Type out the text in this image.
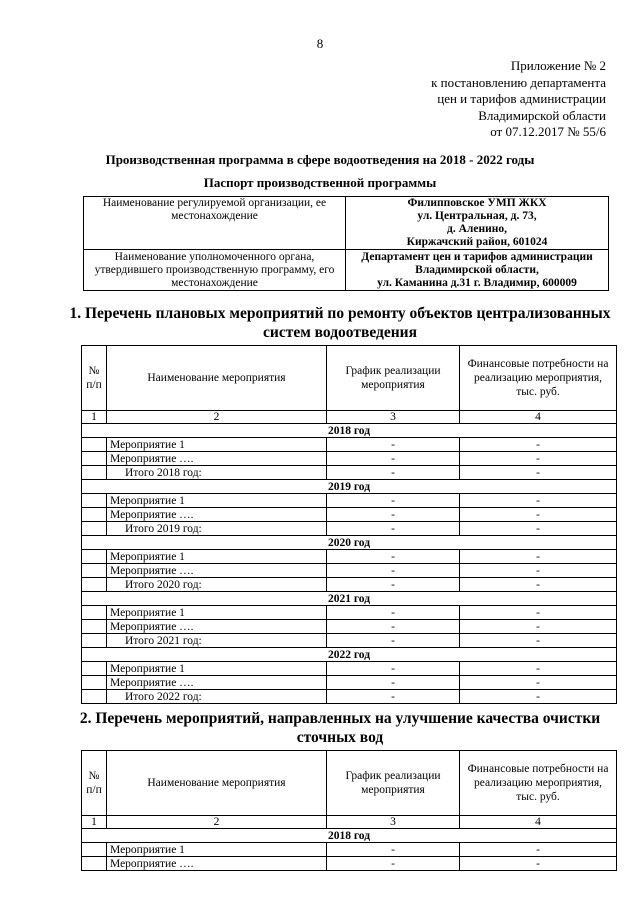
8
Приложение № 2
к постановлению департамента
цен и тарифов администрации
Владимирской области
от 07.12.2017 № 55/6
Производственная программа в сфере водоотведения на 2018 - 2022 годы
Паспорт производственной программы
Наименование регулируемой организации, ее местонахождение	Филипповское УМП ЖКХ
ул. Центральная, д. 73,
д. Аленино,
Киржачский район, 601024

Наименование уполномоченного органа, утвердившего производственную программу, его местонахождение	Департамент цен и тарифов администрации
Владимирской области,
ул. Каманина д.31 г. Владимир, 600009
1. Перечень плановых мероприятий по ремонту объектов централизованных систем водоотведения
№ п/п	Наименование мероприятия	График реализации мероприятия	Финансовые потребности на реализацию мероприятия, тыс. руб.
1	2	3	4
2018 год			
	Мероприятие 1	-	-
	Мероприятие ….	-	-
	Итого 2018 год:	-	-
2019 год			
	Мероприятие 1	-	-
	Мероприятие ….	-	-
	Итого 2019 год:	-	-
2020 год			
	Мероприятие 1	-	-
	Мероприятие ….	-	-
	Итого 2020 год:	-	-
2021 год			
	Мероприятие 1	-	-
	Мероприятие ….	-	-
	Итого 2021 год:	-	-
2022 год			
	Мероприятие 1	-	-
	Мероприятие ….	-	-
	Итого 2022 год:	-	-
2. Перечень мероприятий, направленных на улучшение качества очистки сточных вод
№ п/п	Наименование мероприятия	График реализации мероприятия	Финансовые потребности на реализацию мероприятия, тыс. руб.
1	2	3	4
2018 год			
	Мероприятие 1	-	-
	Мероприятие ….	-	-
